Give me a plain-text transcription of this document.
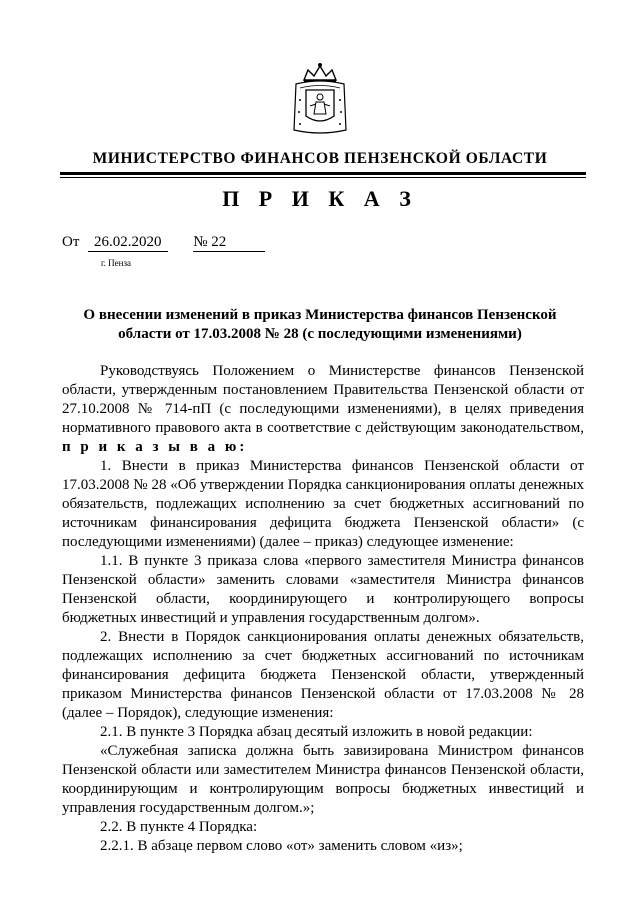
МИНИСТЕРСТВО ФИНАНСОВ ПЕНЗЕНСКОЙ ОБЛАСТИ
П Р И К А З
От 26.02.2020 № 22
г. Пенза
О внесении изменений в приказ Министерства финансов Пензенской области от 17.03.2008 № 28 (с последующими изменениями)

Руководствуясь Положением о Министерстве финансов Пензенской области, утвержденным постановлением Правительства Пензенской области от 27.10.2008 № 714-пП (с последующими изменениями), в целях приведения нормативного правового акта в соответствие с действующим законодательством, п р и к а з ы в а ю:

1. Внести в приказ Министерства финансов Пензенской области от 17.03.2008 № 28 «Об утверждении Порядка санкционирования оплаты денежных обязательств, подлежащих исполнению за счет бюджетных ассигнований по источникам финансирования дефицита бюджета Пензенской области» (с последующими изменениями) (далее – приказ) следующее изменение:

1.1. В пункте 3 приказа слова «первого заместителя Министра финансов Пензенской области» заменить словами «заместителя Министра финансов Пензенской области, координирующего и контролирующего вопросы бюджетных инвестиций и управления государственным долгом».

2. Внести в Порядок санкционирования оплаты денежных обязательств, подлежащих исполнению за счет бюджетных ассигнований по источникам финансирования дефицита бюджета Пензенской области, утвержденный приказом Министерства финансов Пензенской области от 17.03.2008 № 28 (далее – Порядок), следующие изменения:

2.1. В пункте 3 Порядка абзац десятый изложить в новой редакции:

«Служебная записка должна быть завизирована Министром финансов Пензенской области или заместителем Министра финансов Пензенской области, координирующим и контролирующим вопросы бюджетных инвестиций и управления государственным долгом.»;

2.2. В пункте 4 Порядка:

2.2.1. В абзаце первом слово «от» заменить словом «из»;
